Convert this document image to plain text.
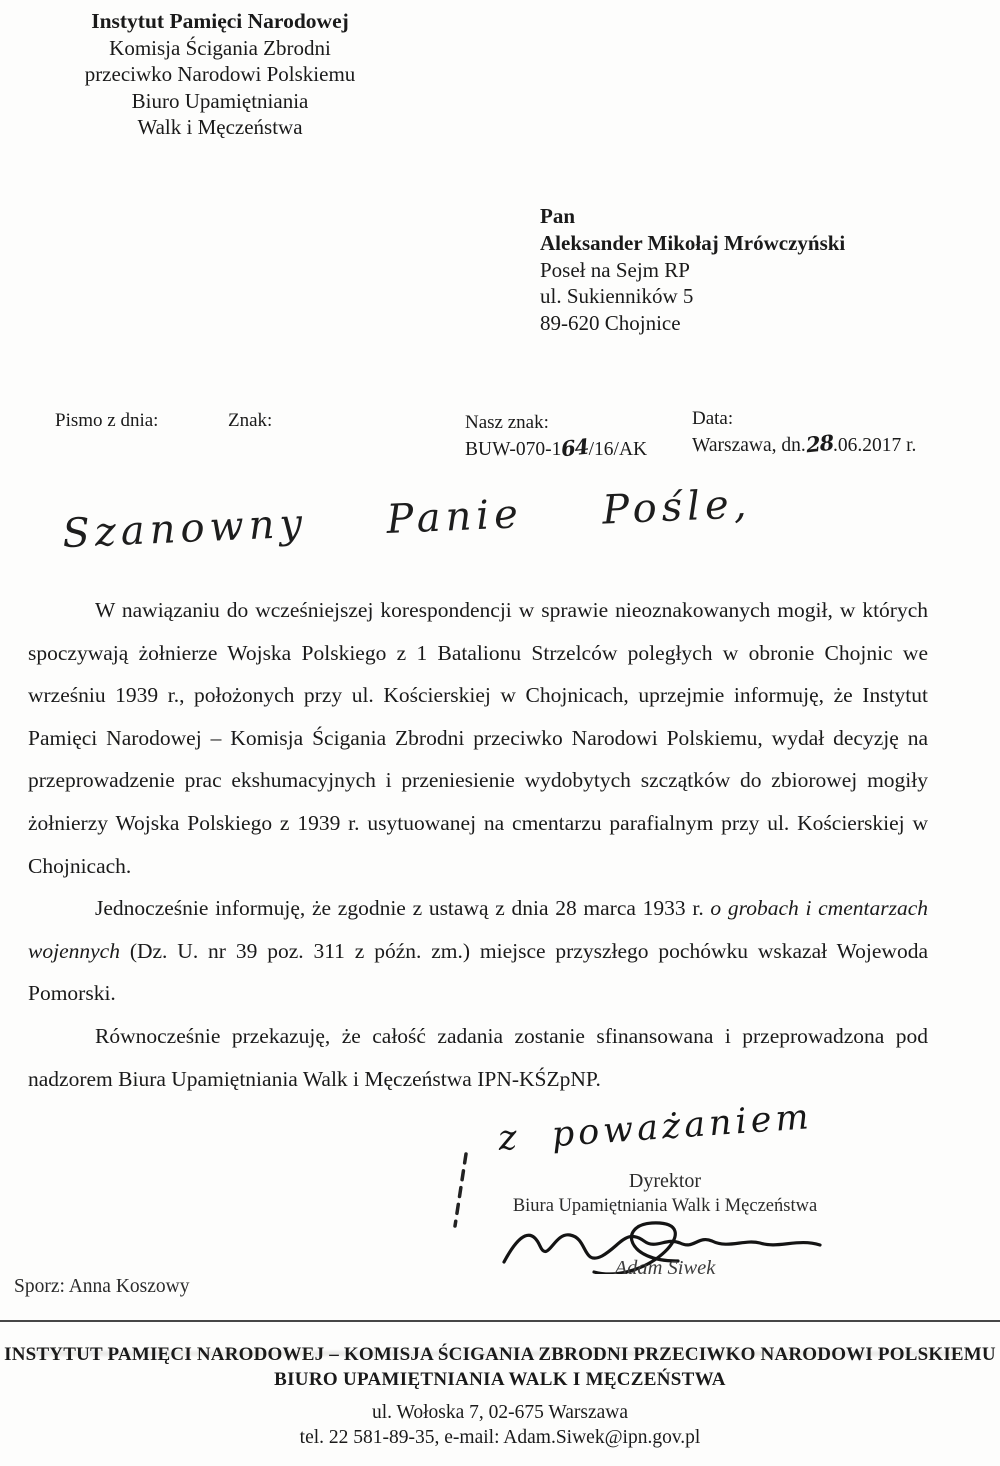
Instytut Pamięci Narodowej
Komisja Ścigania Zbrodni
przeciwko Narodowi Polskiemu
Biuro Upamiętniania
Walk i Męczeństwa
Pan
Aleksander Mikołaj Mrówczyński
Poseł na Sejm RP
ul. Sukienników 5
89-620 Chojnice
Pismo z dnia:	Znak:	Nasz znak:
BUW-070-164/16/AK
Data:
Warszawa, dn.28.06.2017 r.
Szanowny Panie Pośle,
W nawiązaniu do wcześniejszej korespondencji w sprawie nieoznakowanych mogił, w których spoczywają żołnierze Wojska Polskiego z 1 Batalionu Strzelców poległych w obronie Chojnic we wrześniu 1939 r., położonych przy ul. Kościerskiej w Chojnicach, uprzejmie informuję, że Instytut Pamięci Narodowej – Komisja Ścigania Zbrodni przeciwko Narodowi Polskiemu, wydał decyzję na przeprowadzenie prac ekshumacyjnych i przeniesienie wydobytych szczątków do zbiorowej mogiły żołnierzy Wojska Polskiego z 1939 r. usytuowanej na cmentarzu parafialnym przy ul. Kościerskiej w Chojnicach.
Jednocześnie informuję, że zgodnie z ustawą z dnia 28 marca 1933 r. o grobach i cmentarzach wojennych (Dz. U. nr 39 poz. 311 z późn. zm.) miejsce przyszłego pochówku wskazał Wojewoda Pomorski.
Równocześnie przekazuję, że całość zadania zostanie sfinansowana i przeprowadzona pod nadzorem Biura Upamiętniania Walk i Męczeństwa IPN-KŚZpNP.
z poważaniem
Dyrektor
Biura Upamiętniania Walk i Męczeństwa
Adam Siwek
Sporz: Anna Koszowy
INSTYTUT PAMIĘCI NARODOWEJ – KOMISJA ŚCIGANIA ZBRODNI PRZECIWKO NARODOWI POLSKIEMU
BIURO UPAMIĘTNIANIA WALK I MĘCZEŃSTWA
ul. Wołoska 7, 02-675 Warszawa
tel. 22 581-89-35, e-mail: Adam.Siwek@ipn.gov.pl
